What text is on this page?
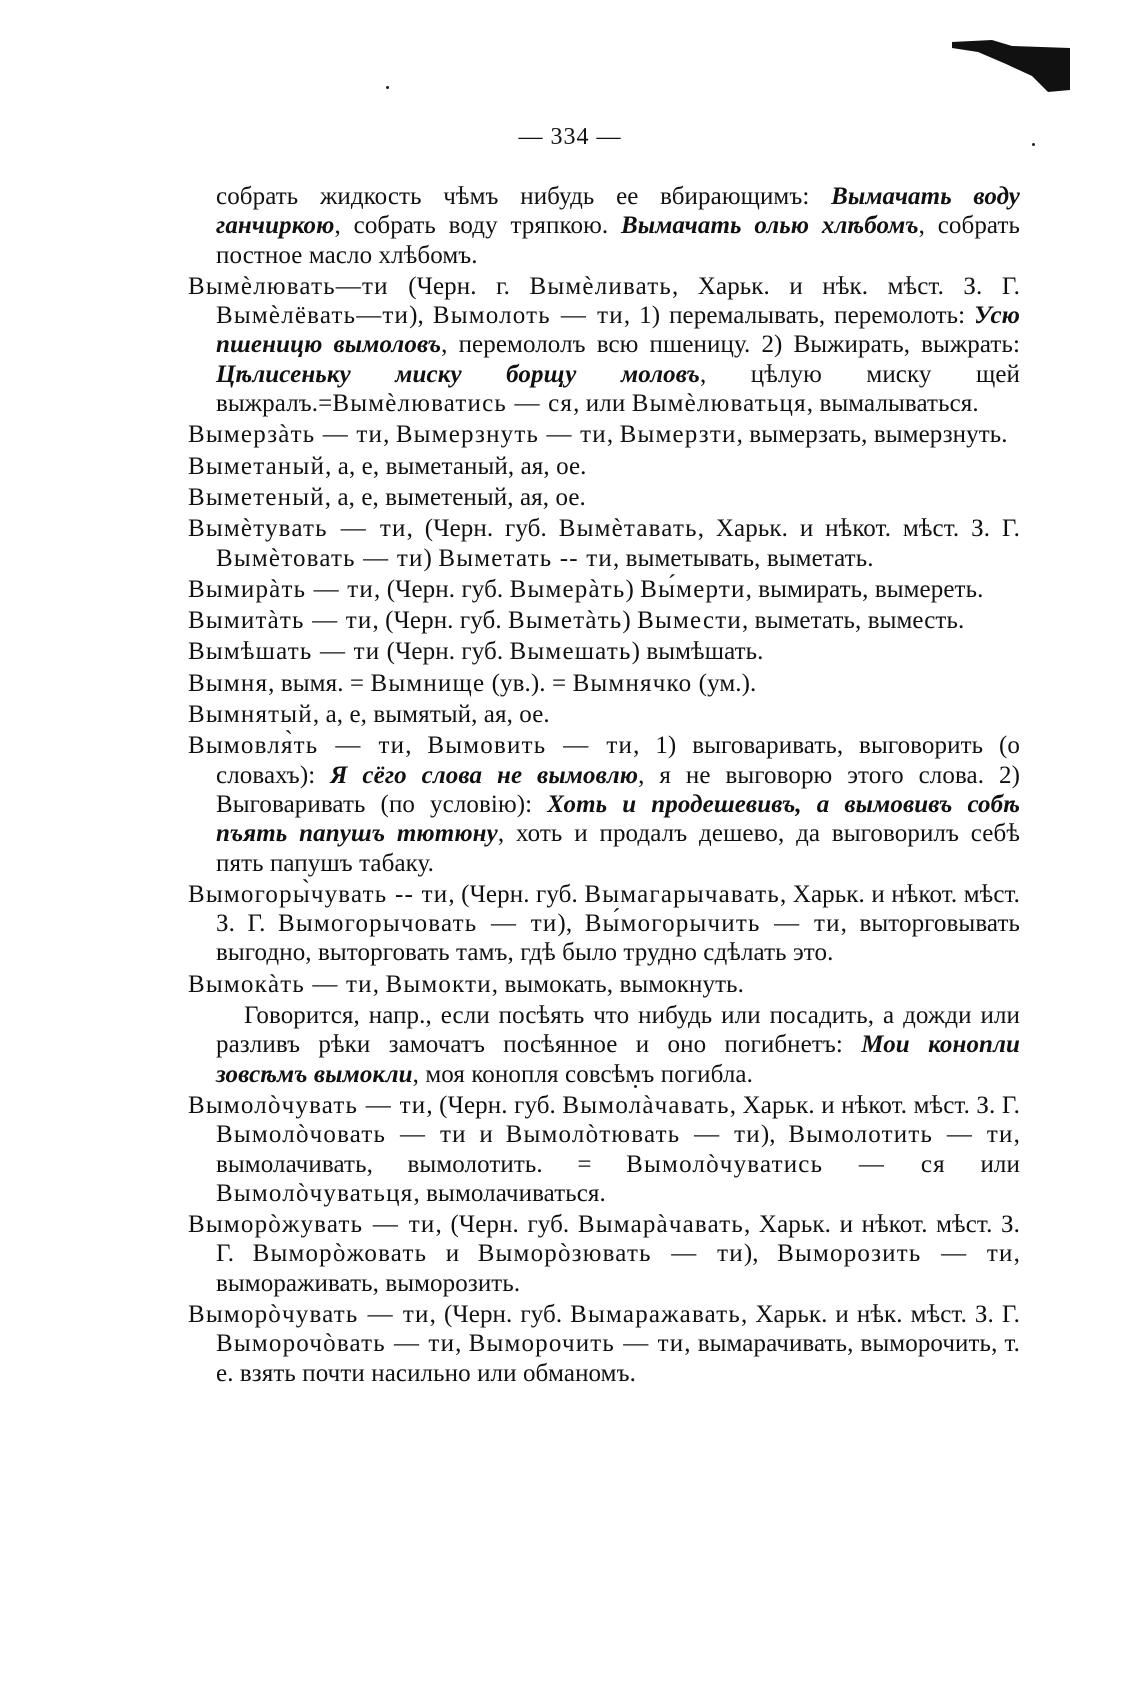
— 334 —

собрать жидкость чѣмъ нибудь ее вбирающимъ: Вымачать воду ганчиркою, собрать воду тряпкою. Вымачать олью хлѣбомъ, собрать постное масло хлѣбомъ.

Вымѐлювать—ти (Черн. г. Вымѐливать, Харьк. и нѣк. мѣст. З. Г. Вымѐлёвать—ти), Вымолоть — ти, 1) перемалывать, перемолоть: Усю пшеницю вымоловъ, перемололъ всю пшеницу. 2) Выжирать, выжрать: Цѣлисеньку миску борщу моловъ, цѣлую миску щей выжралъ.=Вымѐлюватись — ся, или Вымѐлюватьця, вымалываться.

Вымерзàть — ти, Вымерзнуть — ти, Вымерзти, вымерзать, вымерзнуть.

Выметаный, а, е, выметаный, ая, ое.

Выметеный, а, е, выметеный, ая, ое.

Вымѐтувать — ти, (Черн. губ. Вымѐтавать, Харьк. и нѣкот. мѣст. З. Г. Вымѐтовать — ти) Выметать -- ти, выметывать, выметать.

Вымирàть — ти, (Черн. губ. Вымерàть) Вы́мерти, вымирать, вымереть.

Вымитàть — ти, (Черн. губ. Выметàть) Вымести, выметать, выместь.

Вымѣшать — ти (Черн. губ. Вымешать) вымѣшать.

Вымня, вымя. = Вымнище (ув.). = Вымнячко (ум.).

Вымнятый, а, е, вымятый, ая, ое.

Вымовля̀ть — ти, Вымовить — ти, 1) выговаривать, выговорить (о словахъ): Я сёго слова не вымовлю, я не выговорю этого слова. 2) Выговаривать (по условiю): Хоть и продешевивъ, а вымовивъ собѣ пъять папушъ тютюну, хоть и продалъ дешево, да выговорилъ себѣ пять папушъ табаку.

Вымогоры̀чувать -- ти, (Черн. губ. Вымагарычавать, Харьк. и нѣкот. мѣст. З. Г. Вымогорычовать — ти), Вы́могорычить — ти, выторговывать выгодно, выторговать тамъ, гдѣ было трудно сдѣлать это.

Вымокàть — ти, Вымокти, вымокать, вымокнуть.

Говорится, напр., если посѣять что нибудь или посадить, а дожди или разливъ рѣки замочатъ посѣянное и оно погибнетъ: Мои конопли зовсѣмъ вымокли, моя конопля совсѣмъ погибла.

Вымолòчувать — ти, (Черн. губ. Вымолàчавать, Харьк. и нѣкот. мѣст. З. Г. Вымолòчовать — ти и Вымолòтювать — ти), Вымолотить — ти, вымолачивать, вымолотить. = Вымолòчуватись — ся или Вымолòчуватьця, вымолачиваться.

Выморòжувать — ти, (Черн. губ. Вымарàчавать, Харьк. и нѣкот. мѣст. З. Г. Выморòжовать и Выморòзювать — ти), Выморозить — ти, вымораживать, выморозить.

Выморòчувать — ти, (Черн. губ. Вымаражавать, Харьк. и нѣк. мѣст. З. Г. Выморочòвать — ти, Выморочить — ти, вымарачивать, выморочить, т. е. взять почти насильно или обманомъ.
